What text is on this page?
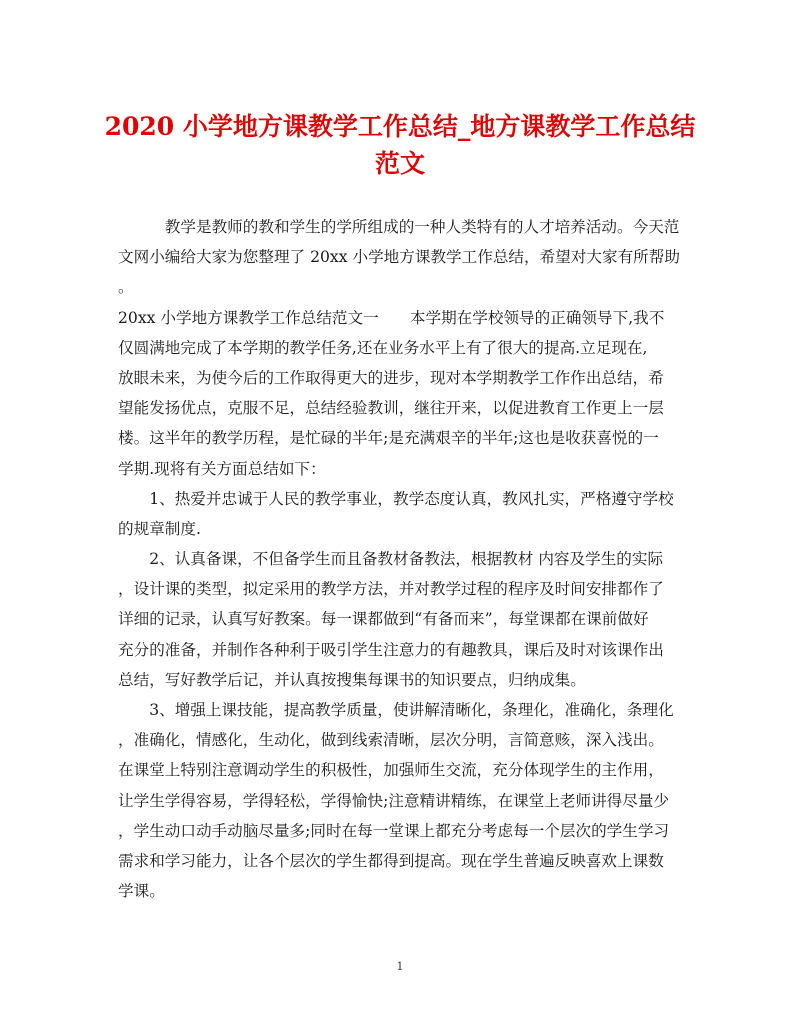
2020 小学地方课教学工作总结_地方课教学工作总结
范文
　　　教学是教师的教和学生的学所组成的一种人类特有的人才培养活动。今天范
文网小编给大家为您整理了 20xx 小学地方课教学工作总结，希望对大家有所帮助
。
20xx 小学地方课教学工作总结范文一　　本学期在学校领导的正确领导下,我不
仅圆满地完成了本学期的教学任务,还在业务水平上有了很大的提高.立足现在,
放眼未来，为使今后的工作取得更大的进步，现对本学期教学工作作出总结，希
望能发扬优点，克服不足，总结经验教训，继往开来，以促进教育工作更上一层
楼。这半年的教学历程，是忙碌的半年;是充满艰辛的半年;这也是收获喜悦的一
学期.现将有关方面总结如下：
　　1、热爱并忠诚于人民的教学事业，教学态度认真，教风扎实，严格遵守学校
的规章制度.
　　2、认真备课，不但备学生而且备教材备教法，根据教材 内容及学生的实际
，设计课的类型，拟定采用的教学方法，并对教学过程的程序及时间安排都作了
详细的记录，认真写好教案。每一课都做到“有备而来”，每堂课都在课前做好
充分的准备，并制作各种利于吸引学生注意力的有趣教具，课后及时对该课作出
总结，写好教学后记，并认真按搜集每课书的知识要点，归纳成集。
　　3、增强上课技能，提高教学质量，使讲解清晰化，条理化，准确化，条理化
，准确化，情感化，生动化，做到线索清晰，层次分明，言简意赅，深入浅出。
在课堂上特别注意调动学生的积极性，加强师生交流，充分体现学生的主作用，
让学生学得容易，学得轻松，学得愉快;注意精讲精练，在课堂上老师讲得尽量少
，学生动口动手动脑尽量多;同时在每一堂课上都充分考虑每一个层次的学生学习
需求和学习能力，让各个层次的学生都得到提高。现在学生普遍反映喜欢上课数
学课。
1
